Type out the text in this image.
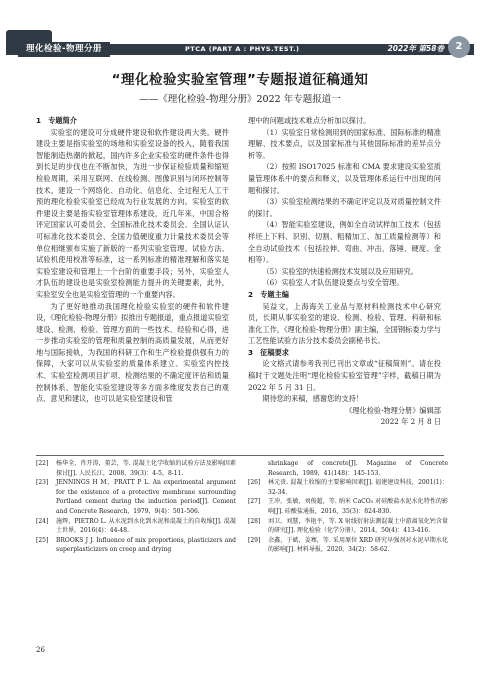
理化检验-物理分册	PTCA (PART A : PHYS.TEST.)	2022年 第58卷	2
“理化检验实验室管理”专题报道征稿通知
——《理化检验-物理分册》2022 年专题报道一
1　专题简介
实验室的建设可分成硬件建设和软件建设两大类。硬件建设主要是指实验室的场地和实验室设备的投入，随着我国智能制造热潮的掀起，国内许多企业实验室的硬件条件也得到长足的步伐也在不断加快，为进一步保证检验质量和缩短检验周期，采用互联网、在线检测、图像识别与闭环控制等技术，建设一个网络化、自动化、信息化、全过程无人工干预的理化检验实验室已经成为行业发展的方向。实验室的软件建设主要是指实验室管理体系建设，近几年来，中国合格评定国家认可委员会、全国标准化技术委员会、全国认证认可标准化技术委员会、全国力值硬度重力计量技术委员会等单位相继颁布实施了新版的一系列实验室管理、试验方法、试验机使用校准等标准，这一系列标准的精准理解和落实是实验室建设和管理上一个台阶的重要手段；另外，实验室人才队伍的建设也是实验室检测能力提升的关键要素，此外，实验室安全也是实验室管理的一个重要内容。
为了更好地推动我国理化检验实验室的硬件和软件建设，《理化检验-物理分册》拟推出专题报道，重点报道实验室建设、检测、检验、管理方面的一些技术、经验和心得，进一步推动实验室的管理和质量控制的高质量发展，从而更好地与国际接轨，为我国的科研工作和生产检验提供强有力的保障，大家可以从实验室的质量体系建立、实验室内控技术、实验室检测项目扩项、检测结果的不确定度评估和质量控制体系、智能化实验室建设等多方面多维度发表自己的观点、意见和建议，也可以是实验室建设和管
理中的问题或技术难点分析加以探讨。
（1）实验室日常检测用到的国家标准、国际标准的精准理解、技术要点，以及国家标准与其他国际标准的差异点分析等。
（2）按照 ISO17025 标准和 CMA 要求建设实验室质量管理体系中的要点和释义，以及管理体系运行中出现的问题和探讨。
（3）实验室检测结果的不确定评定以及对质量控制文件的探讨。
（4）智能实验室建设，例如全自动试样加工技术（包括样坯上下料、识别、切割、粗精加工、加工质量检测等）和全自动试验技术（包括拉伸、弯曲、冲击、落锤、硬度、金相等）。
（5）实验室的快速检测技术发展以及应用研究。
（6）实验室人才队伍建设要点与安全管理。
2　专题主编
吴益文，上海海关工业品与原材料检测技术中心研究员，长期从事实验室的建设、检测、检验、管理、科研和标准化工作，《理化检验-物理分册》副主编，全国钢标委力学与工艺性能试验方法分技术委员会副秘书长。
3　征稿要求
论文格式请参考我刊已刊出文章或“征稿简则”。请在投稿时于文题处注明“理化检验实验室管理”字样，截稿日期为 2022 年 5 月 31 日。
期待您的来稿，感谢您的支持！
《理化检验-物理分册》编辑部
2022 年 2 月 8 日
[22]	杨华全，肖开涛，董芸，等. 混凝土化学收缩的试验方法及影响因素探讨[J]. 人民长江，2008，39(3)：4-5，8-11.
[23]	JENNINGS H M，PRATT P L. An experimental argument for the existence of a protective membrane surrounding Portland cement during the induction period[J]. Cement and Concrete Research，1979，9(4)：501-506.
[24]	施辉，PIETRO L. 从水泥到水化到水泥和混凝土的自收缩[J]. 混凝土世界，2016(4)：44-48.
[25]	BROOKS J J. Influence of mix proportions, plasticizers and superplasticizers on creep and drying
shrinkage of concrete[J]. Magazine of Concrete Research，1989，41(148)：145-153.
[26]	林元贵. 混凝土收缩的主要影响因素[J]. 福建建设科技，2001(1)：32-34.
[27]	王冲，张敏，刘俊超，等. 纳米 CaCO₃ 对硅酸盐水泥水化特性的影响[J]. 硅酸盐通报，2016，35(3)：824-830.
[28]	刘卫，刘慧，李艳平，等. X 射线衍射法测混凝土中游离氧化钙含量的研究[J]. 理化检验（化学分册），2014，50(4)：413-416.
[29]	余鑫，于斌，姜骞，等. 采用原位 XRD 研究早强剂对水泥早期水化的影响[J]. 材料导报，2020，34(2)：58-62.
26
